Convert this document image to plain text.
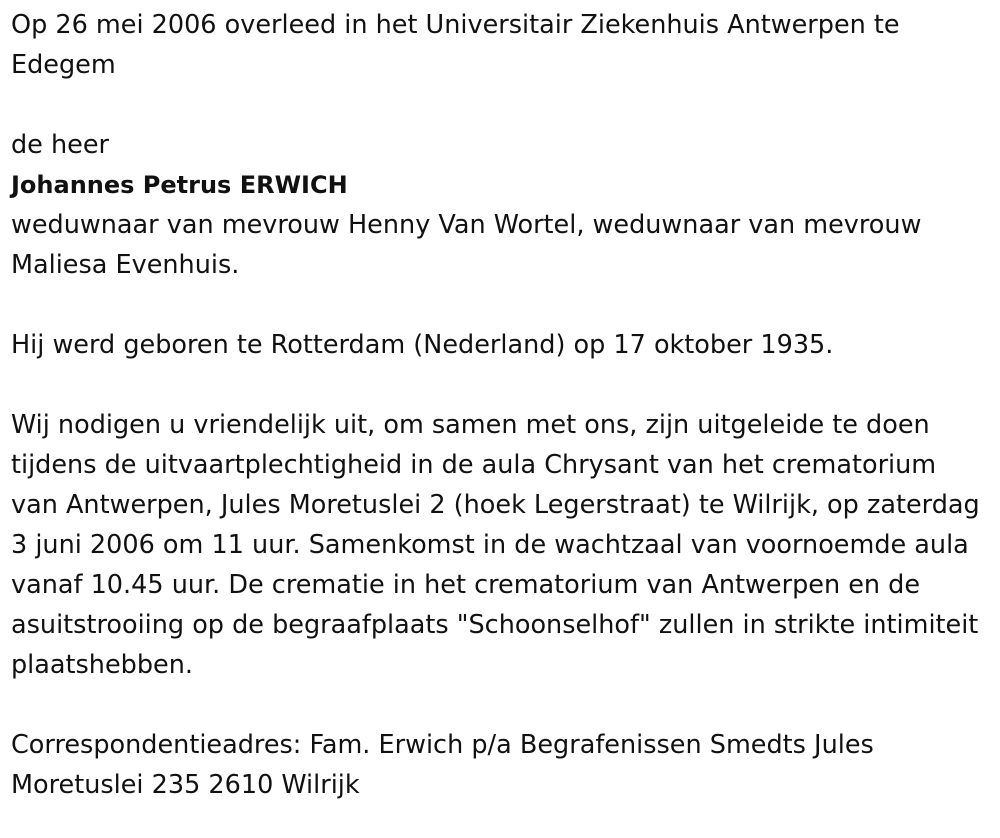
Op 26 mei 2006 overleed in het Universitair Ziekenhuis Antwerpen te Edegem

de heer

Johannes Petrus ERWICH

weduwnaar van mevrouw Henny Van Wortel, weduwnaar van mevrouw Maliesa Evenhuis.

Hij werd geboren te Rotterdam (Nederland) op 17 oktober 1935.

Wij nodigen u vriendelijk uit, om samen met ons, zijn uitgeleide te doen tijdens de uitvaartplechtigheid in de aula Chrysant van het crematorium van Antwerpen, Jules Moretuslei 2 (hoek Legerstraat) te Wilrijk, op zaterdag 3 juni 2006 om 11 uur. Samenkomst in de wachtzaal van voornoemde aula vanaf 10.45 uur. De crematie in het crematorium van Antwerpen en de asuitstrooiing op de begraafplaats "Schoonselhof" zullen in strikte intimiteit plaatshebben.

Correspondentieadres: Fam. Erwich p/a Begrafenissen Smedts Jules Moretuslei 235 2610 Wilrijk
